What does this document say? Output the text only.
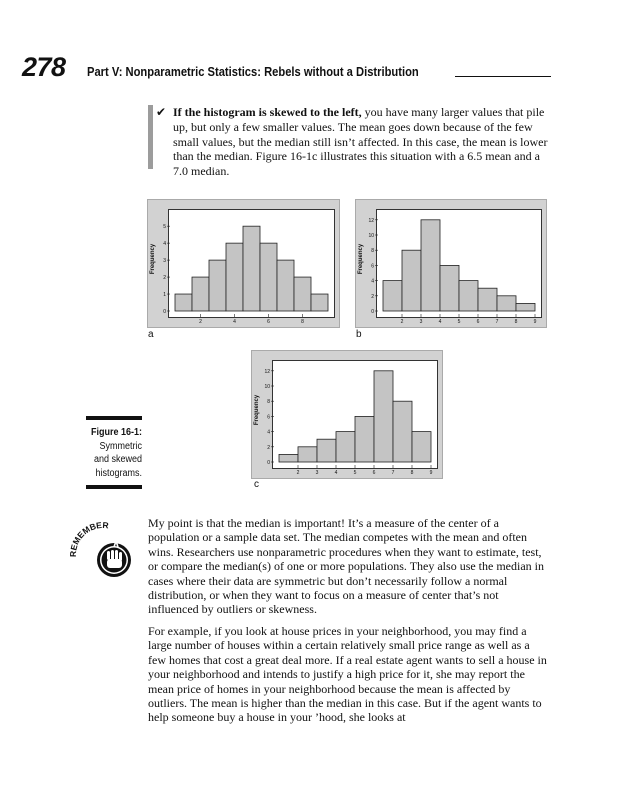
278 Part V: Nonparametric Statistics: Rebels without a Distribution
✔ If the histogram is skewed to the left, you have many larger values that pile up, but only a few smaller values. The mean goes down because of the few small values, but the median still isn’t affected. In this case, the mean is lower than the median. Figure 16-1c illustrates this situation with a 6.5 mean and a 7.0 median.
0
1
2
3
4
5
2	4	6	8
Frequency
a
0
2
4
6
8
10
12
2	3	4	5	6	7	8	9
Frequency
b
0
2
4
6
8
10
12
2	3	4	5	6	7	8	9
Frequency
c
Figure 16-1:
Symmetric and skewed histograms.
MEMBER	My point is that the median is important! It’s a measure of the center of a population or a sample data set. The median competes with the mean and often wins. Researchers use nonparametric procedures when they want to estimate, test, or compare the median(s) of one or more populations. They also use the median in cases where their data are symmetric but don’t necessarily follow a normal distribution, or when they want to focus on a measure of center that’s not influenced by outliers or skewness.
For example, if you look at house prices in your neighborhood, you may find a large number of houses within a certain relatively small price range as well as a few homes that cost a great deal more. If a real estate agent wants to sell a house in your neighborhood and intends to justify a high price for it, she may report the mean price of homes in your neighborhood because the mean is affected by outliers. The mean is higher than the median in this case. But if the agent wants to help someone buy a house in your ’hood, she looks at
